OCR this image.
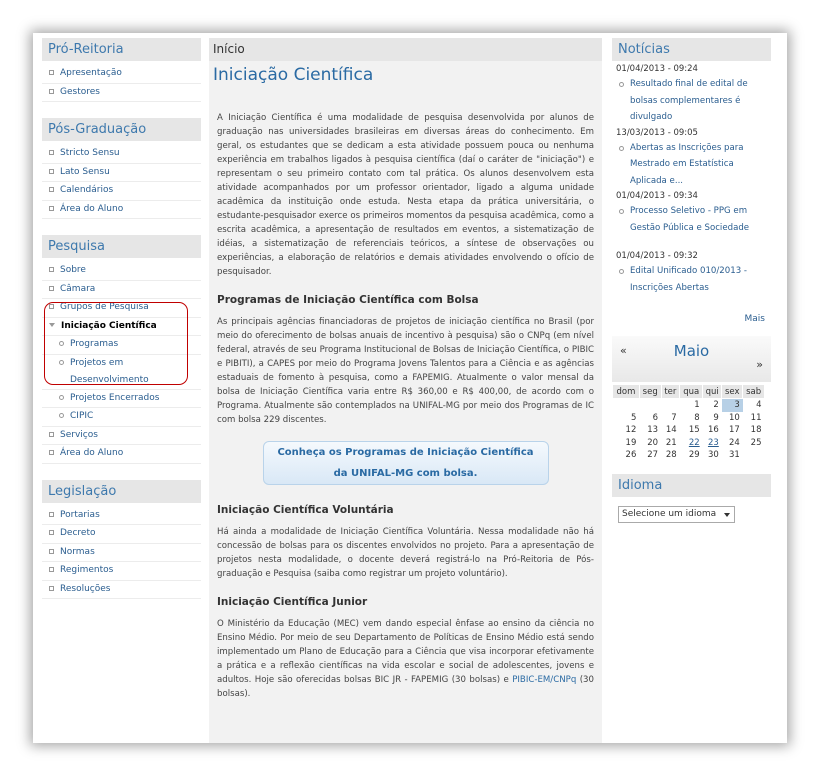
Pró-Reitoria
Apresentação
Gestores
Pós-Graduação
Stricto Sensu
Lato Sensu
Calendários
Área do Aluno
Pesquisa
Sobre
Câmara
Grupos de Pesquisa
Iniciação Científica
Programas
Projetos em Desenvolvimento
Projetos Encerrados
CIPIC
Serviços
Área do Aluno
Legislação
Portarias
Decreto
Normas
Regimentos
Resoluções
Início
Iniciação Científica

A Iniciação Científica é uma modalidade de pesquisa desenvolvida por alunos de graduação nas universidades brasileiras em diversas áreas do conhecimento. Em geral, os estudantes que se dedicam a esta atividade possuem pouca ou nenhuma experiência em trabalhos ligados à pesquisa científica (daí o caráter de "iniciação") e representam o seu primeiro contato com tal prática. Os alunos desenvolvem esta atividade acompanhados por um professor orientador, ligado a alguma unidade acadêmica da instituição onde estuda. Nesta etapa da prática universitária, o estudante-pesquisador exerce os primeiros momentos da pesquisa acadêmica, como a escrita acadêmica, a apresentação de resultados em eventos, a sistematização de idéias, a sistematização de referenciais teóricos, a síntese de observações ou experiências, a elaboração de relatórios e demais atividades envolvendo o ofício de pesquisador.

Programas de Iniciação Científica com Bolsa

As principais agências financiadoras de projetos de iniciação científica no Brasil (por meio do oferecimento de bolsas anuais de incentivo à pesquisa) são o CNPq (em nível federal, através de seu Programa Institucional de Bolsas de Iniciação Científica, o PIBIC e PIBITI), a CAPES por meio do Programa Jovens Talentos para a Ciência e as agências estaduais de fomento à pesquisa, como a FAPEMIG. Atualmente o valor mensal da bolsa de Iniciação Científica varia entre R$ 360,00 e R$ 400,00, de acordo com o Programa. Atualmente são contemplados na UNIFAL-MG por meio dos Programas de IC com bolsa 229 discentes.

Conheça os Programas de Iniciação Científica
da UNIFAL-MG com bolsa.
Iniciação Científica Voluntária

Há ainda a modalidade de Iniciação Científica Voluntária. Nessa modalidade não há concessão de bolsas para os discentes envolvidos no projeto. Para a apresentação de projetos nesta modalidade, o docente deverá registrá-lo na Pró-Reitoria de Pós-graduação e Pesquisa (saiba como registrar um projeto voluntário).

Iniciação Científica Junior

O Ministério da Educação (MEC) vem dando especial ênfase ao ensino da ciência no Ensino Médio. Por meio de seu Departamento de Políticas de Ensino Médio está sendo implementado um Plano de Educação para a Ciência que visa incorporar efetivamente a prática e a reflexão científicas na vida escolar e social de adolescentes, jovens e adultos. Hoje são oferecidas bolsas BIC JR - FAPEMIG (30 bolsas) e PIBIC-EM/CNPq (30 bolsas).

Notícias
01/04/2013 - 09:24
Resultado final de edital de bolsas complementares é divulgado
13/03/2013 - 09:05
Abertas as Inscrições para Mestrado em Estatística Aplicada e...
01/04/2013 - 09:34
Processo Seletivo - PPG em Gestão Pública e Sociedade
01/04/2013 - 09:32
Edital Unificado 010/2013 - Inscrições Abertas
Mais
«	Maio
»
dom	seg	ter	qua	qui	sex	sab
			1	2	3	4
5	6	7	8	9	10	11
12	13	14	15	16	17	18
19	20	21	22	23	24	25
26	27	28	29	30	31	
Idioma
Selecione um idioma
